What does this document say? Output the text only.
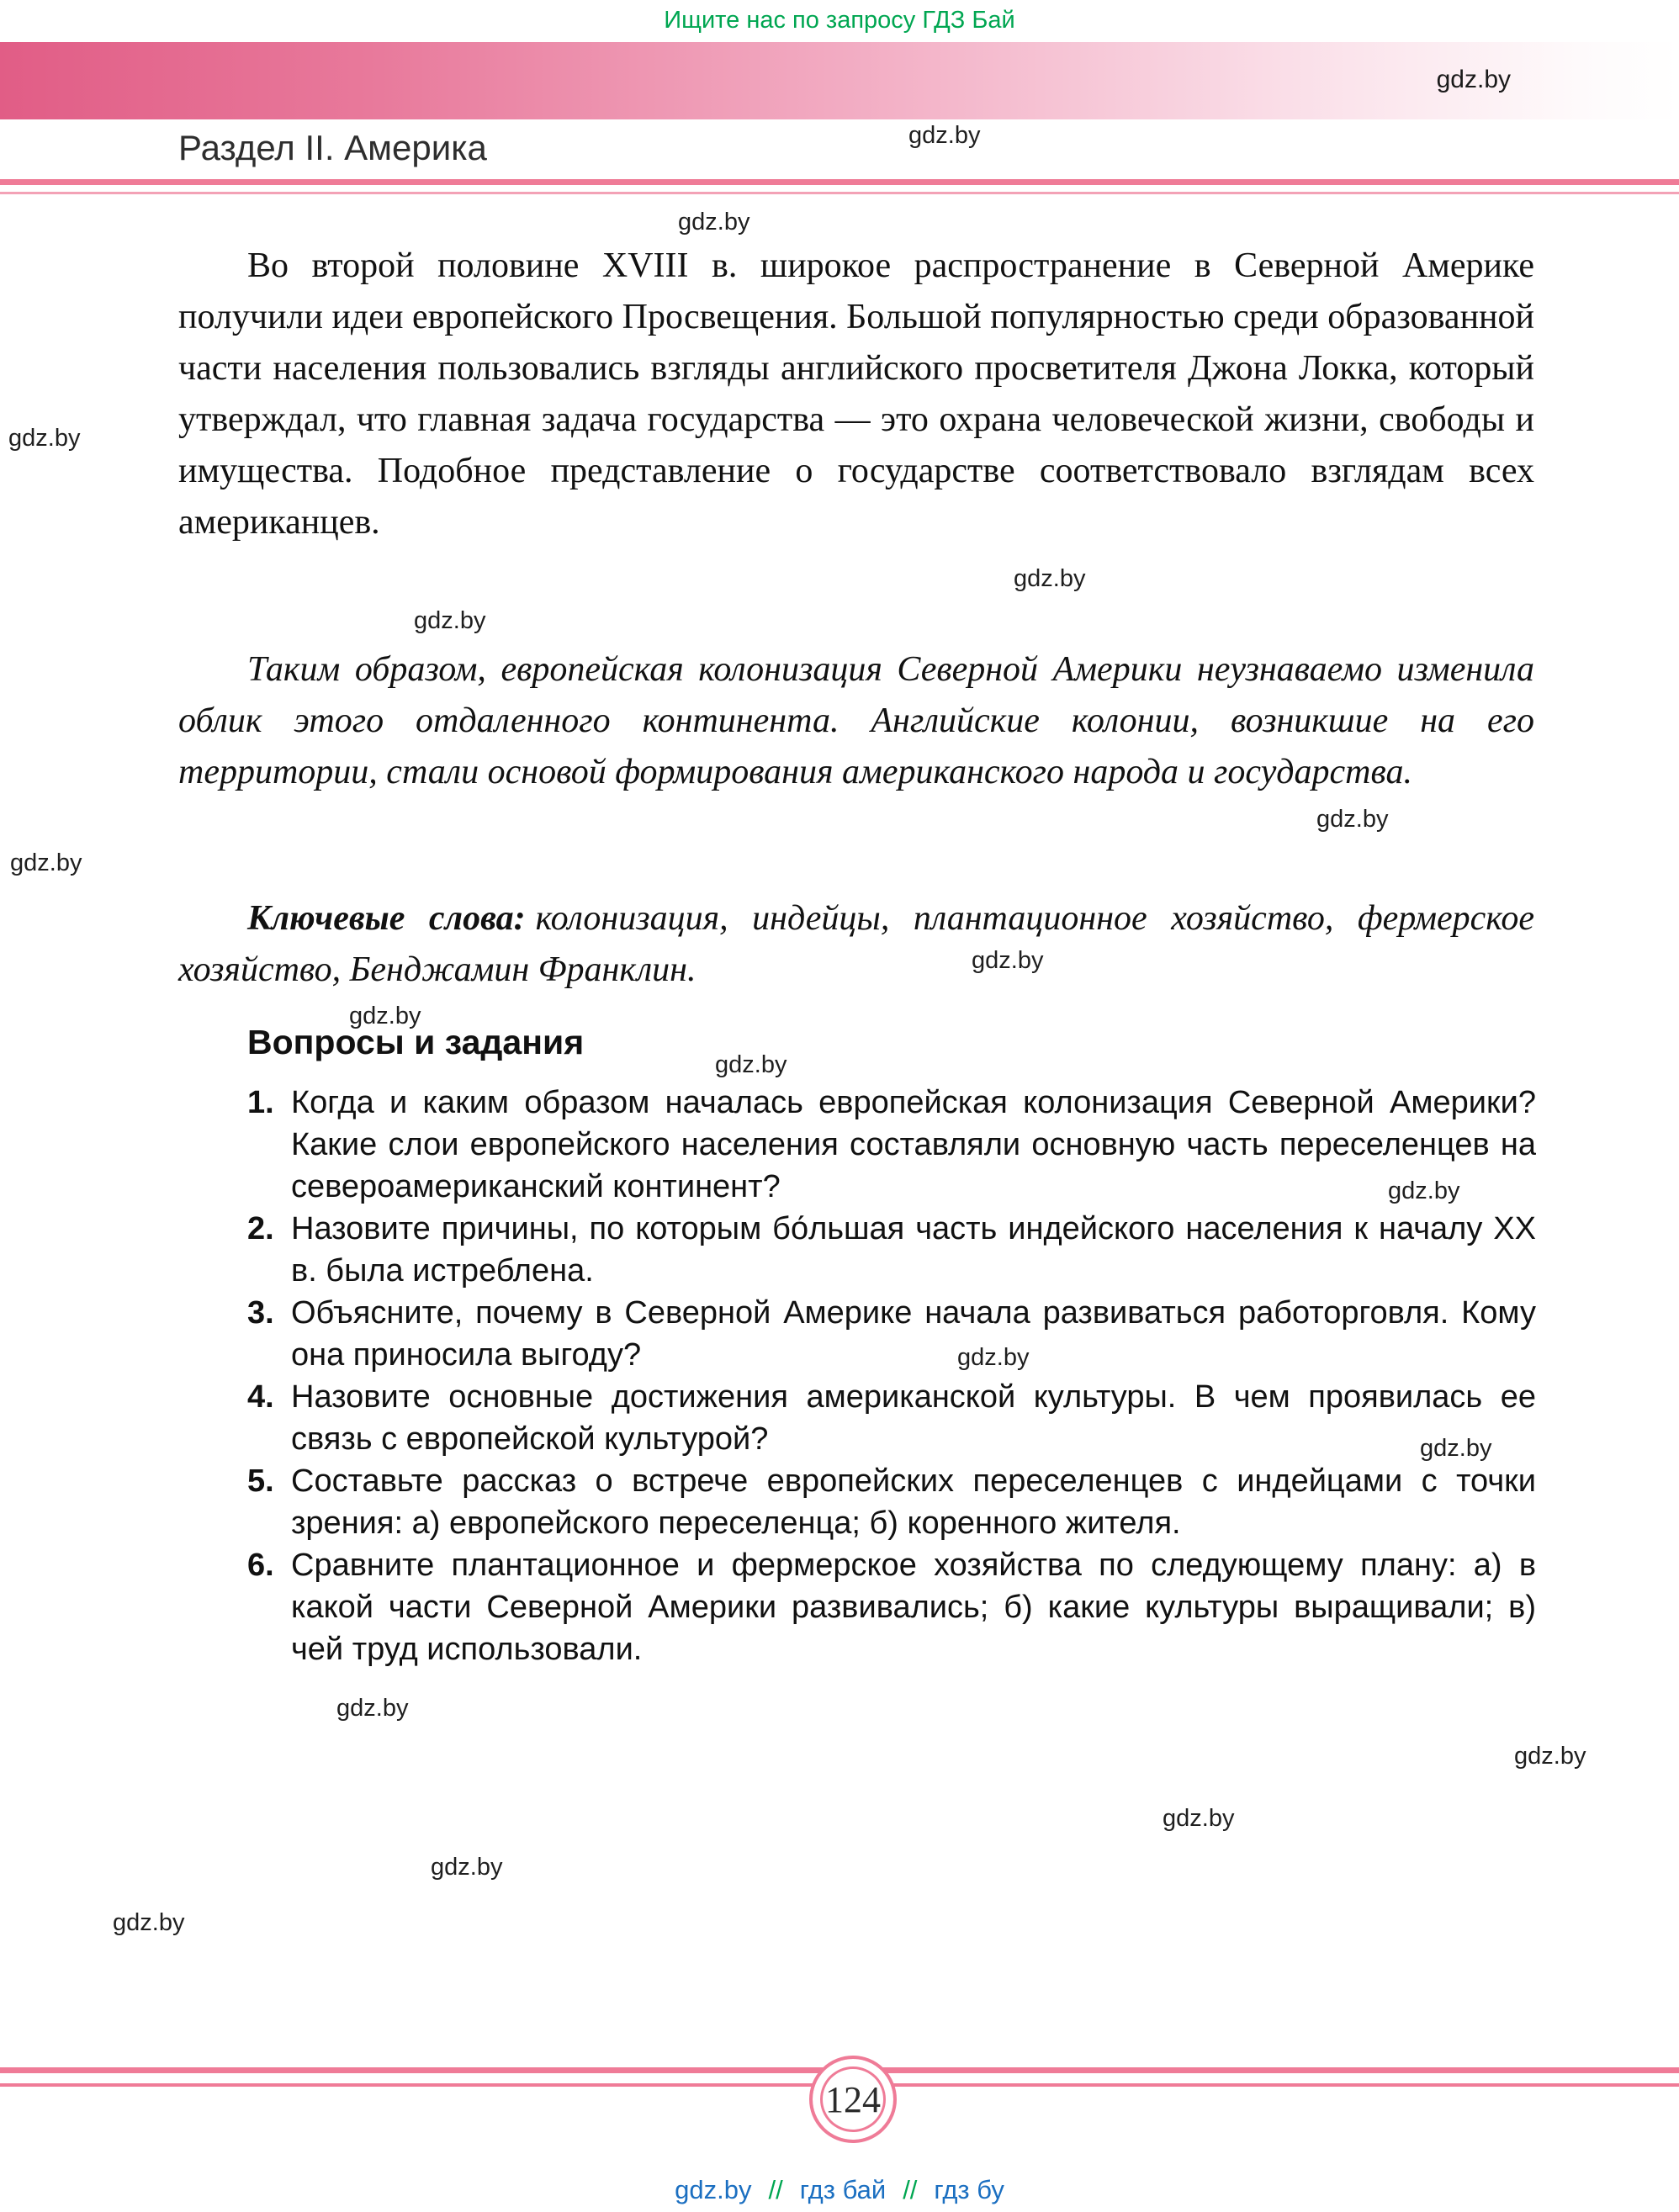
Ищите нас по запросу ГДЗ Бай
gdz.by
gdz.by
gdz.by
gdz.by
gdz.by
gdz.by
gdz.by
gdz.by
gdz.by
gdz.by
gdz.by
gdz.by
gdz.by
gdz.by
gdz.by
gdz.by
gdz.by
gdz.by
gdz.by
Раздел II. Америка
Во второй половине XVIII в. широкое распространение в Северной Америке получили идеи европейского Просвещения. Большой популярностью среди образованной части населения пользовались взгляды английского просветителя Джона Локка, который утверждал, что главная задача государства — это охрана человеческой жизни, свободы и имущества. Подобное представление о государстве соответствовало взглядам всех американцев.
Таким образом, европейская колонизация Северной Америки неузнаваемо изменила облик этого отдаленного континента. Английские колонии, возникшие на его территории, стали основой формирования американского народа и государства.
Ключевые слова: колонизация, индейцы, плантационное хозяйство, фермерское хозяйство, Бенджамин Франклин.
Вопросы и задания
1. Когда и каким образом началась европейская колонизация Северной Америки? Какие слои европейского населения составляли основную часть переселенцев на североамериканский континент?
2. Назовите причины, по которым бо́льшая часть индейского населения к началу XX в. была истреблена.
3. Объясните, почему в Северной Америке начала развиваться работорговля. Кому она приносила выгоду?
4. Назовите основные достижения американской культуры. В чем проявилась ее связь с европейской культурой?
5. Составьте рассказ о встрече европейских переселенцев с индейцами с точки зрения: а) европейского переселенца; б) коренного жителя.
6. Сравните плантационное и фермерское хозяйства по следующему плану: а) в какой части Северной Америки развивались; б) какие культуры выращивали; в) чей труд использовали.
124
gdz.by // гдз бай // гдз бу
